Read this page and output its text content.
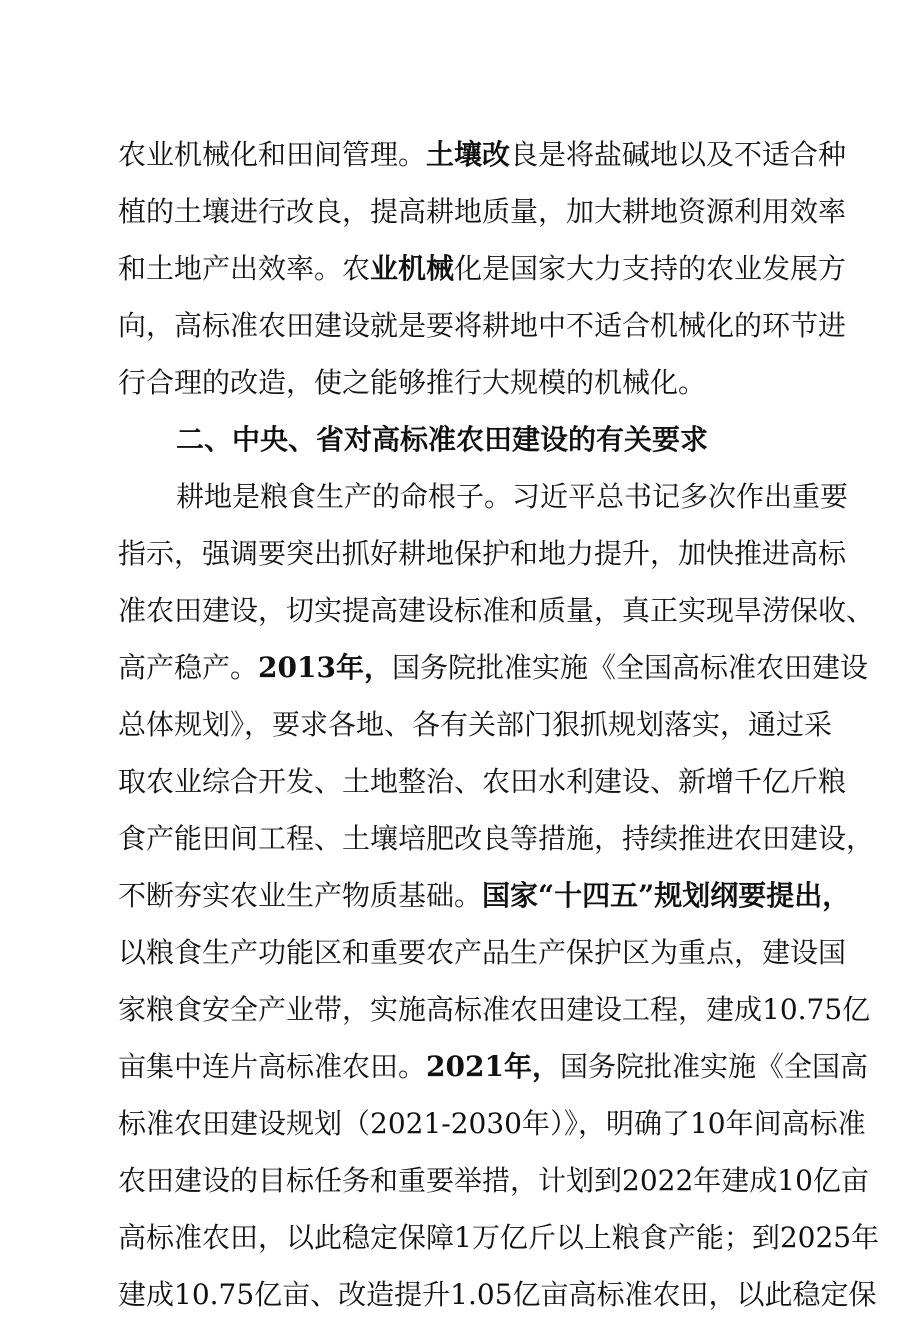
农业机械化和田间管理。土壤改良是将盐碱地以及不适合种
植的土壤进行改良，提高耕地质量，加大耕地资源利用效率
和土地产出效率。农业机械化是国家大力支持的农业发展方
向，高标准农田建设就是要将耕地中不适合机械化的环节进
行合理的改造，使之能够推行大规模的机械化。
二、中央、省对高标准农田建设的有关要求
耕地是粮食生产的命根子。习近平总书记多次作出重要
指示，强调要突出抓好耕地保护和地力提升，加快推进高标
准农田建设，切实提高建设标准和质量，真正实现旱涝保收、
高产稳产。2013年，国务院批准实施《全国高标准农田建设
总体规划》，要求各地、各有关部门狠抓规划落实，通过采
取农业综合开发、土地整治、农田水利建设、新增千亿斤粮
食产能田间工程、土壤培肥改良等措施，持续推进农田建设，
不断夯实农业生产物质基础。国家“十四五”规划纲要提出，
以粮食生产功能区和重要农产品生产保护区为重点，建设国
家粮食安全产业带，实施高标准农田建设工程，建成10.75亿
亩集中连片高标准农田。2021年，国务院批准实施《全国高
标准农田建设规划（2021-2030年）》，明确了10年间高标准
农田建设的目标任务和重要举措，计划到2022年建成10亿亩
高标准农田，以此稳定保障1万亿斤以上粮食产能；到2025年
建成10.75亿亩、改造提升1.05亿亩高标准农田，以此稳定保
